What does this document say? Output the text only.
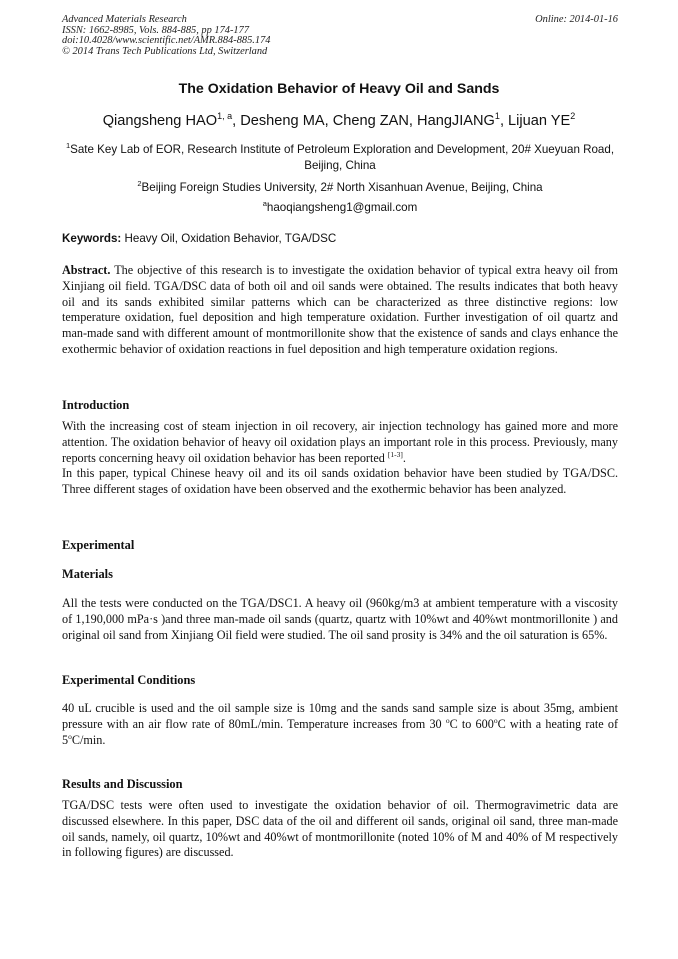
Advanced Materials Research
ISSN: 1662-8985, Vols. 884-885, pp 174-177
doi:10.4028/www.scientific.net/AMR.884-885.174
© 2014 Trans Tech Publications Ltd, Switzerland
Online: 2014-01-16
The Oxidation Behavior of Heavy Oil and Sands
Qiangsheng HAO$^{1, a}$, Desheng MA, Cheng ZAN, HangJIANG$^1$, Lijuan $YE^2$
$^1$Sate Key Lab of EOR, Research Institute of Petroleum Exploration and Development, 20# Xueyuan Road, Beijing, China
$^2$Beijing Foreign Studies University, 2# North Xisanhuan Avenue, Beijing, China
$^a$haoqiangsheng1@gmail.com
Keywords: Heavy Oil, Oxidation Behavior, TGA/DSC
Abstract. The objective of this research is to investigate the oxidation behavior of typical extra heavy oil from Xinjiang oil field. TGA/DSC data of both oil and oil sands were obtained. The results indicates that both heavy oil and its sands exhibited similar patterns which can be characterized as three distinctive regions: low temperature oxidation, fuel deposition and high temperature oxidation. Further investigation of oil quartz and man-made sand with different amount of montmorillonite show that the existence of sands and clays enhance the exothermic behavior of oxidation reactions in fuel deposition and high temperature oxidation regions.
Introduction
With the increasing cost of steam injection in oil recovery, air injection technology has gained more and more attention. The oxidation behavior of heavy oil oxidation plays an important role in this process. Previously, many reports concerning heavy oil oxidation behavior has been reported [1-3].
In this paper, typical Chinese heavy oil and its oil sands oxidation behavior have been studied by TGA/DSC. Three different stages of oxidation have been observed and the exothermic behavior has been analyzed.
Experimental
Materials
All the tests were conducted on the TGA/DSC1. A heavy oil (960kg/m3 at ambient temperature with a viscosity of 1,190,000 mPa·s )and three man-made oil sands (quartz, quartz with 10%wt and 40%wt montmorillonite ) and original oil sand from Xinjiang Oil field were studied. The oil sand prosity is 34% and the oil saturation is 65%.
Experimental Conditions
40 uL crucible is used and the oil sample size is 10mg and the sands sand sample size is about 35mg, ambient pressure with an air flow rate of 80mL/min. Temperature increases from 30 $^o$C to 600$^o$C with a heating rate of 5$^o$C/min.
Results and Discussion
TGA/DSC tests were often used to investigate the oxidation behavior of oil. Thermogravimetric data are discussed elsewhere. In this paper, DSC data of the oil and different oil sands, original oil sand, three man-made oil sands, namely, oil quartz, 10%wt and 40%wt of montmorillonite (noted 10% of M and 40% of M respectively in following figures) are discussed.
